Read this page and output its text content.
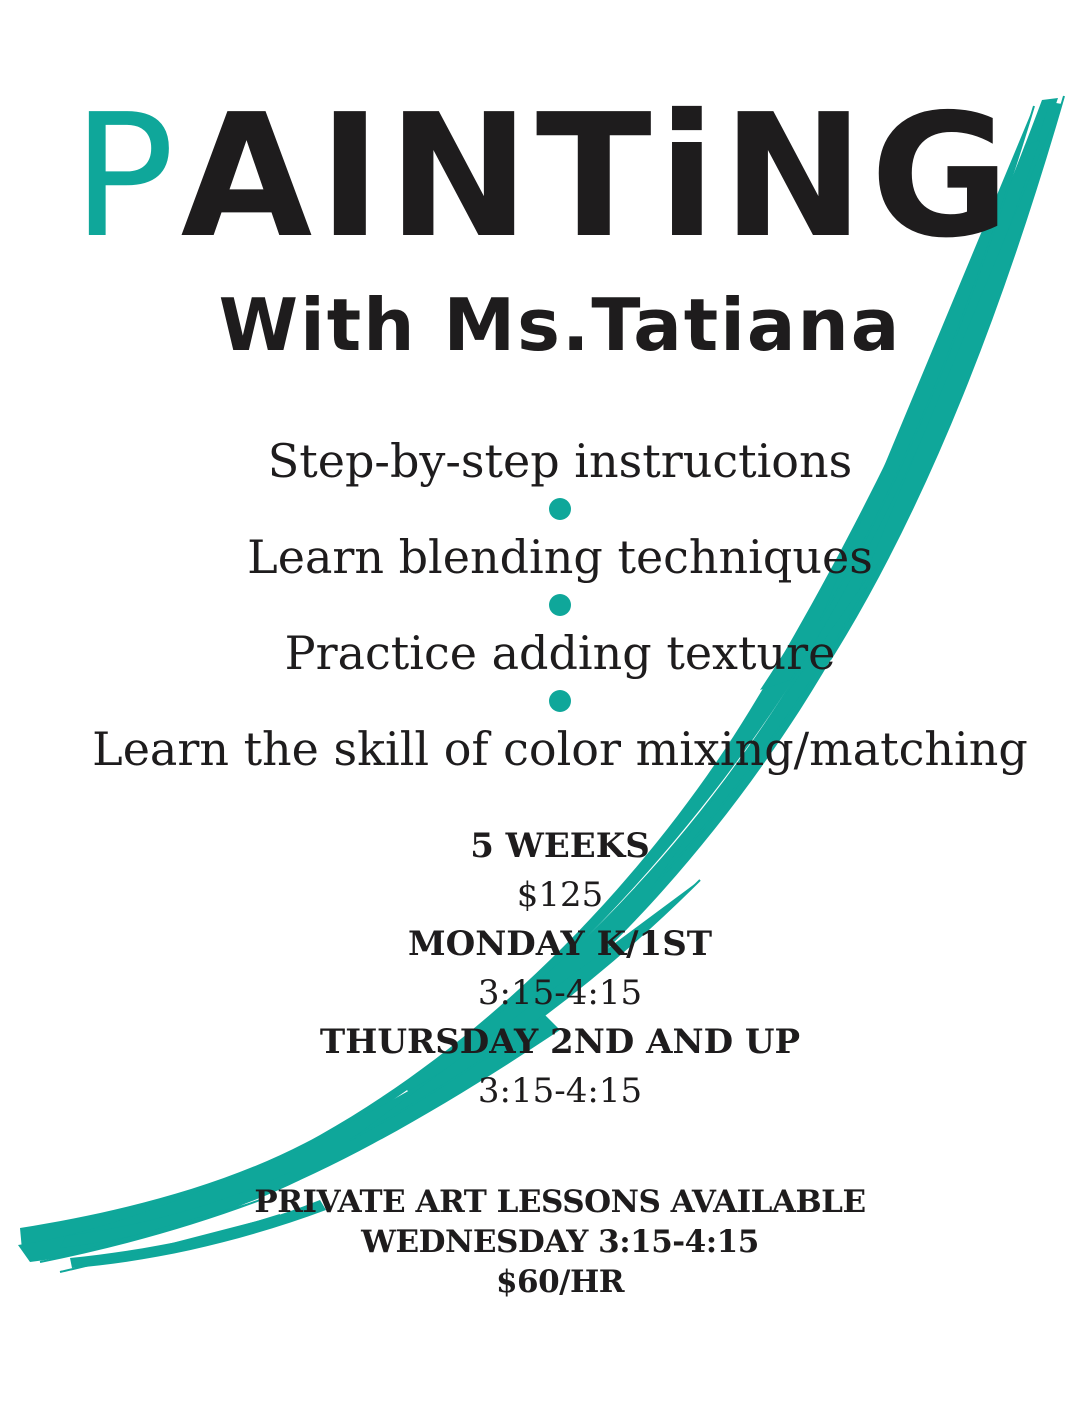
PAINTiNG
With Ms.Tatiana
Step-by-step instructions
Learn blending techniques
Practice adding texture
Learn the skill of color mixing/matching
5 WEEKS
$125
MONDAY K/1ST
3:15-4:15
THURSDAY 2ND AND UP
3:15-4:15
PRIVATE ART LESSONS AVAILABLE
WEDNESDAY 3:15-4:15
$60/HR
